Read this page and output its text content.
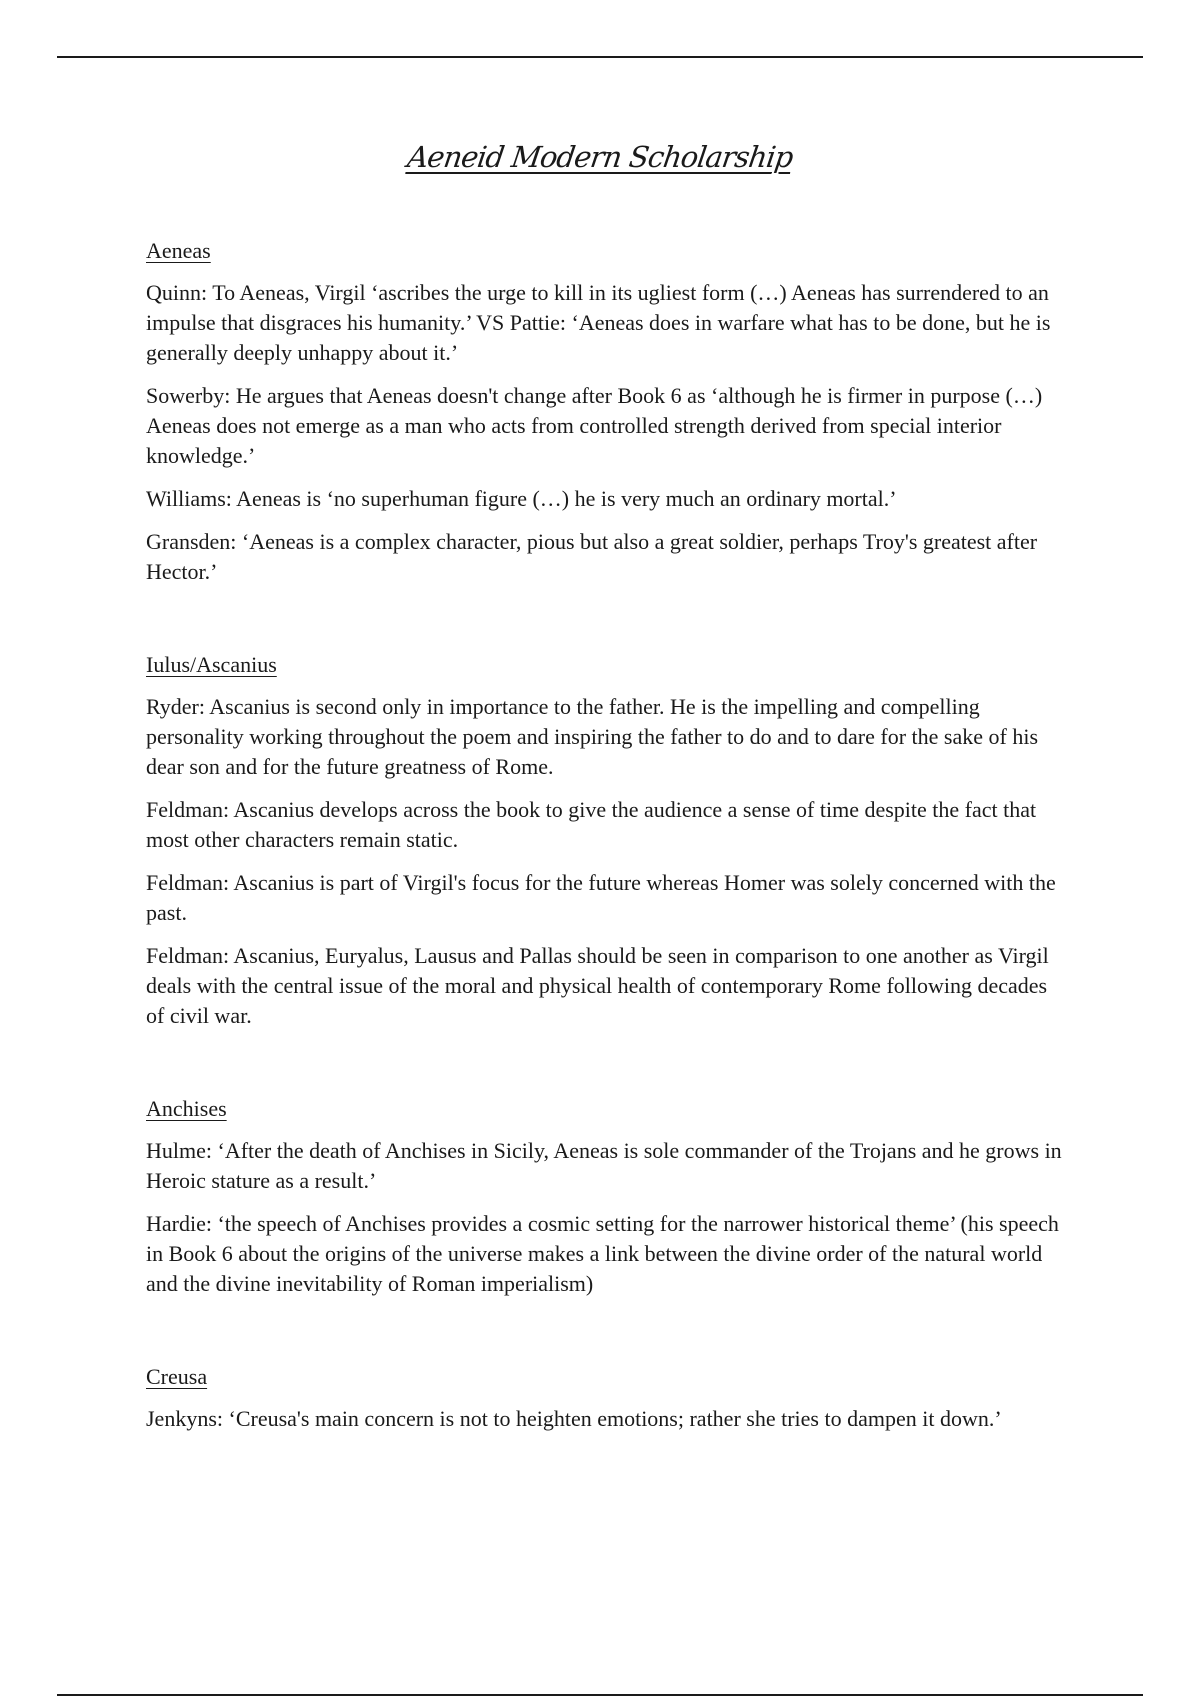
Aeneid Modern Scholarship
Aeneas

Quinn: To Aeneas, Virgil ‘ascribes the urge to kill in its ugliest form (…) Aeneas has surrendered to an impulse that disgraces his humanity.’ VS Pattie: ‘Aeneas does in warfare what has to be done, but he is generally deeply unhappy about it.’

Sowerby: He argues that Aeneas doesn't change after Book 6 as ‘although he is firmer in purpose (…) Aeneas does not emerge as a man who acts from controlled strength derived from special interior knowledge.’

Williams: Aeneas is ‘no superhuman figure (…) he is very much an ordinary mortal.’

Gransden: ‘Aeneas is a complex character, pious but also a great soldier, perhaps Troy's greatest after Hector.’

Iulus/Ascanius

Ryder: Ascanius is second only in importance to the father. He is the impelling and compelling personality working throughout the poem and inspiring the father to do and to dare for the sake of his dear son and for the future greatness of Rome.

Feldman: Ascanius develops across the book to give the audience a sense of time despite the fact that most other characters remain static.

Feldman: Ascanius is part of Virgil's focus for the future whereas Homer was solely concerned with the past.

Feldman: Ascanius, Euryalus, Lausus and Pallas should be seen in comparison to one another as Virgil deals with the central issue of the moral and physical health of contemporary Rome following decades of civil war.

Anchises

Hulme: ‘After the death of Anchises in Sicily, Aeneas is sole commander of the Trojans and he grows in Heroic stature as a result.’

Hardie: ‘the speech of Anchises provides a cosmic setting for the narrower historical theme’ (his speech in Book 6 about the origins of the universe makes a link between the divine order of the natural world and the divine inevitability of Roman imperialism)

Creusa

Jenkyns: ‘Creusa's main concern is not to heighten emotions; rather she tries to dampen it down.’
